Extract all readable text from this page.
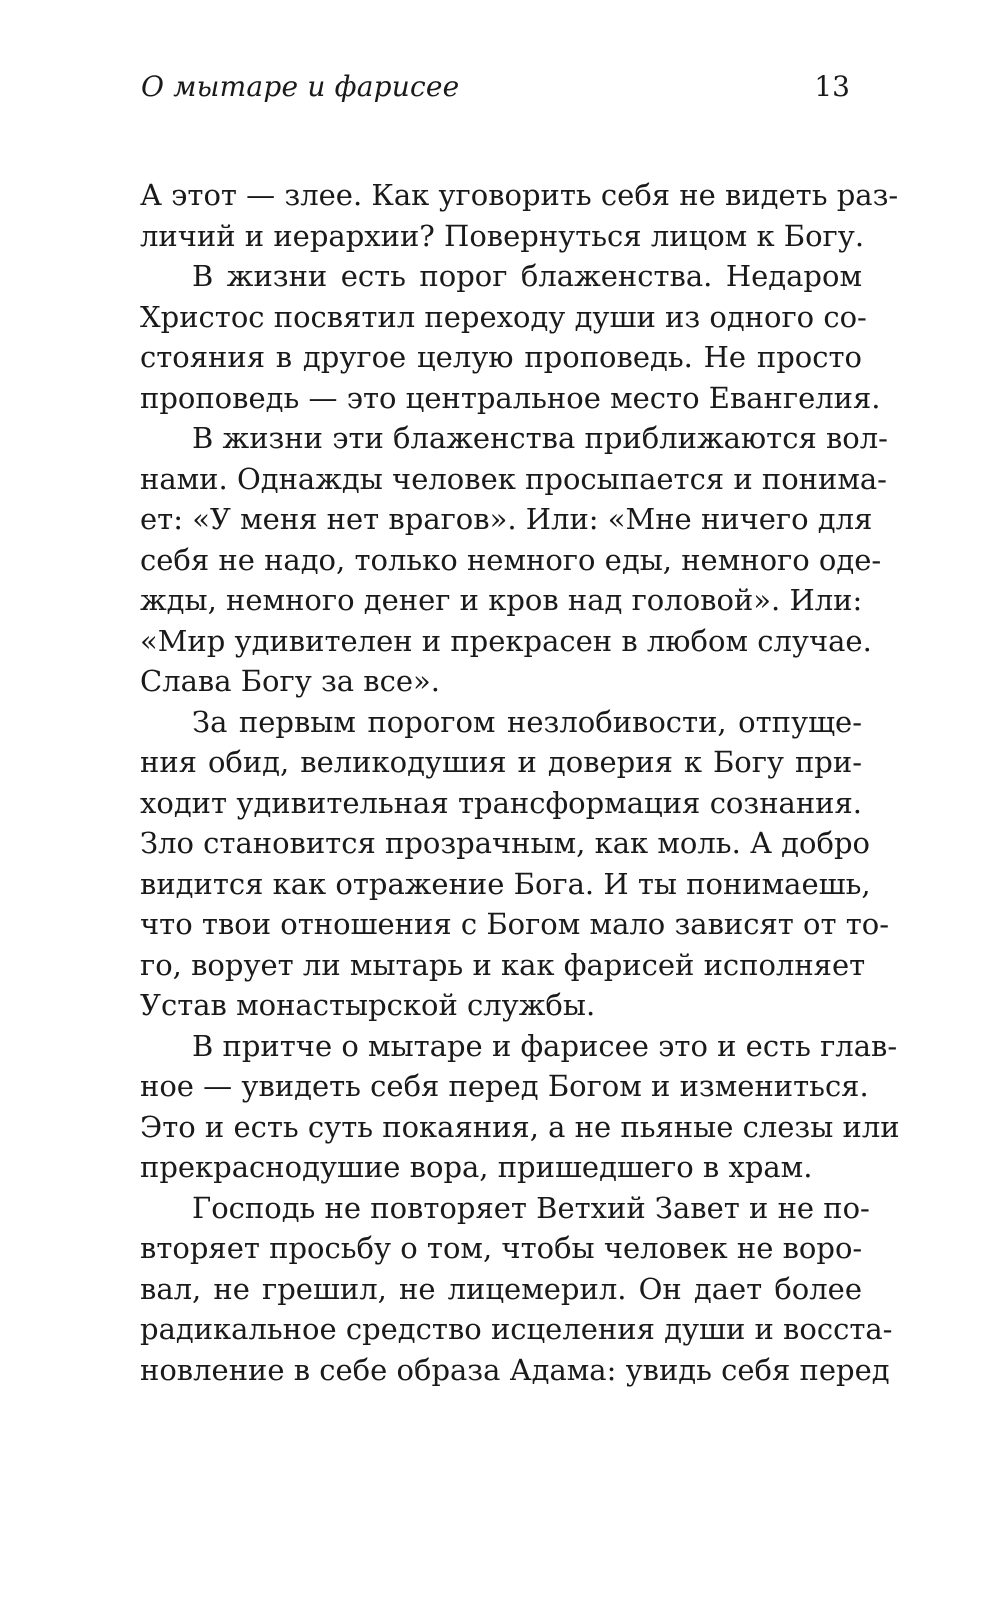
О мытаре и фарисее	13
А этот — злее. Как уговорить себя не видеть раз-
личий и иерархии? Повернуться лицом к Богу.
В жизни есть порог блаженства. Недаром
Христос посвятил переходу души из одного со-
стояния в другое целую проповедь. Не просто
проповедь — это центральное место Евангелия.
В жизни эти блаженства приближаются вол-
нами. Однажды человек просыпается и понима-
ет: «У меня нет врагов». Или: «Мне ничего для
себя не надо, только немного еды, немного оде-
жды, немного денег и кров над головой». Или:
«Мир удивителен и прекрасен в любом случае.
Слава Богу за все».
За первым порогом незлобивости, отпуще-
ния обид, великодушия и доверия к Богу при-
ходит удивительная трансформация сознания.
Зло становится прозрачным, как моль. А добро
видится как отражение Бога. И ты понимаешь,
что твои отношения с Богом мало зависят от то-
го, ворует ли мытарь и как фарисей исполняет
Устав монастырской службы.
В притче о мытаре и фарисее это и есть глав-
ное — увидеть себя перед Богом и измениться.
Это и есть суть покаяния, а не пьяные слезы или
прекраснодушие вора, пришедшего в храм.
Господь не повторяет Ветхий Завет и не по-
вторяет просьбу о том, чтобы человек не воро-
вал, не грешил, не лицемерил. Он дает более
радикальное средство исцеления души и восста-
новление в себе образа Адама: увидь себя перед
